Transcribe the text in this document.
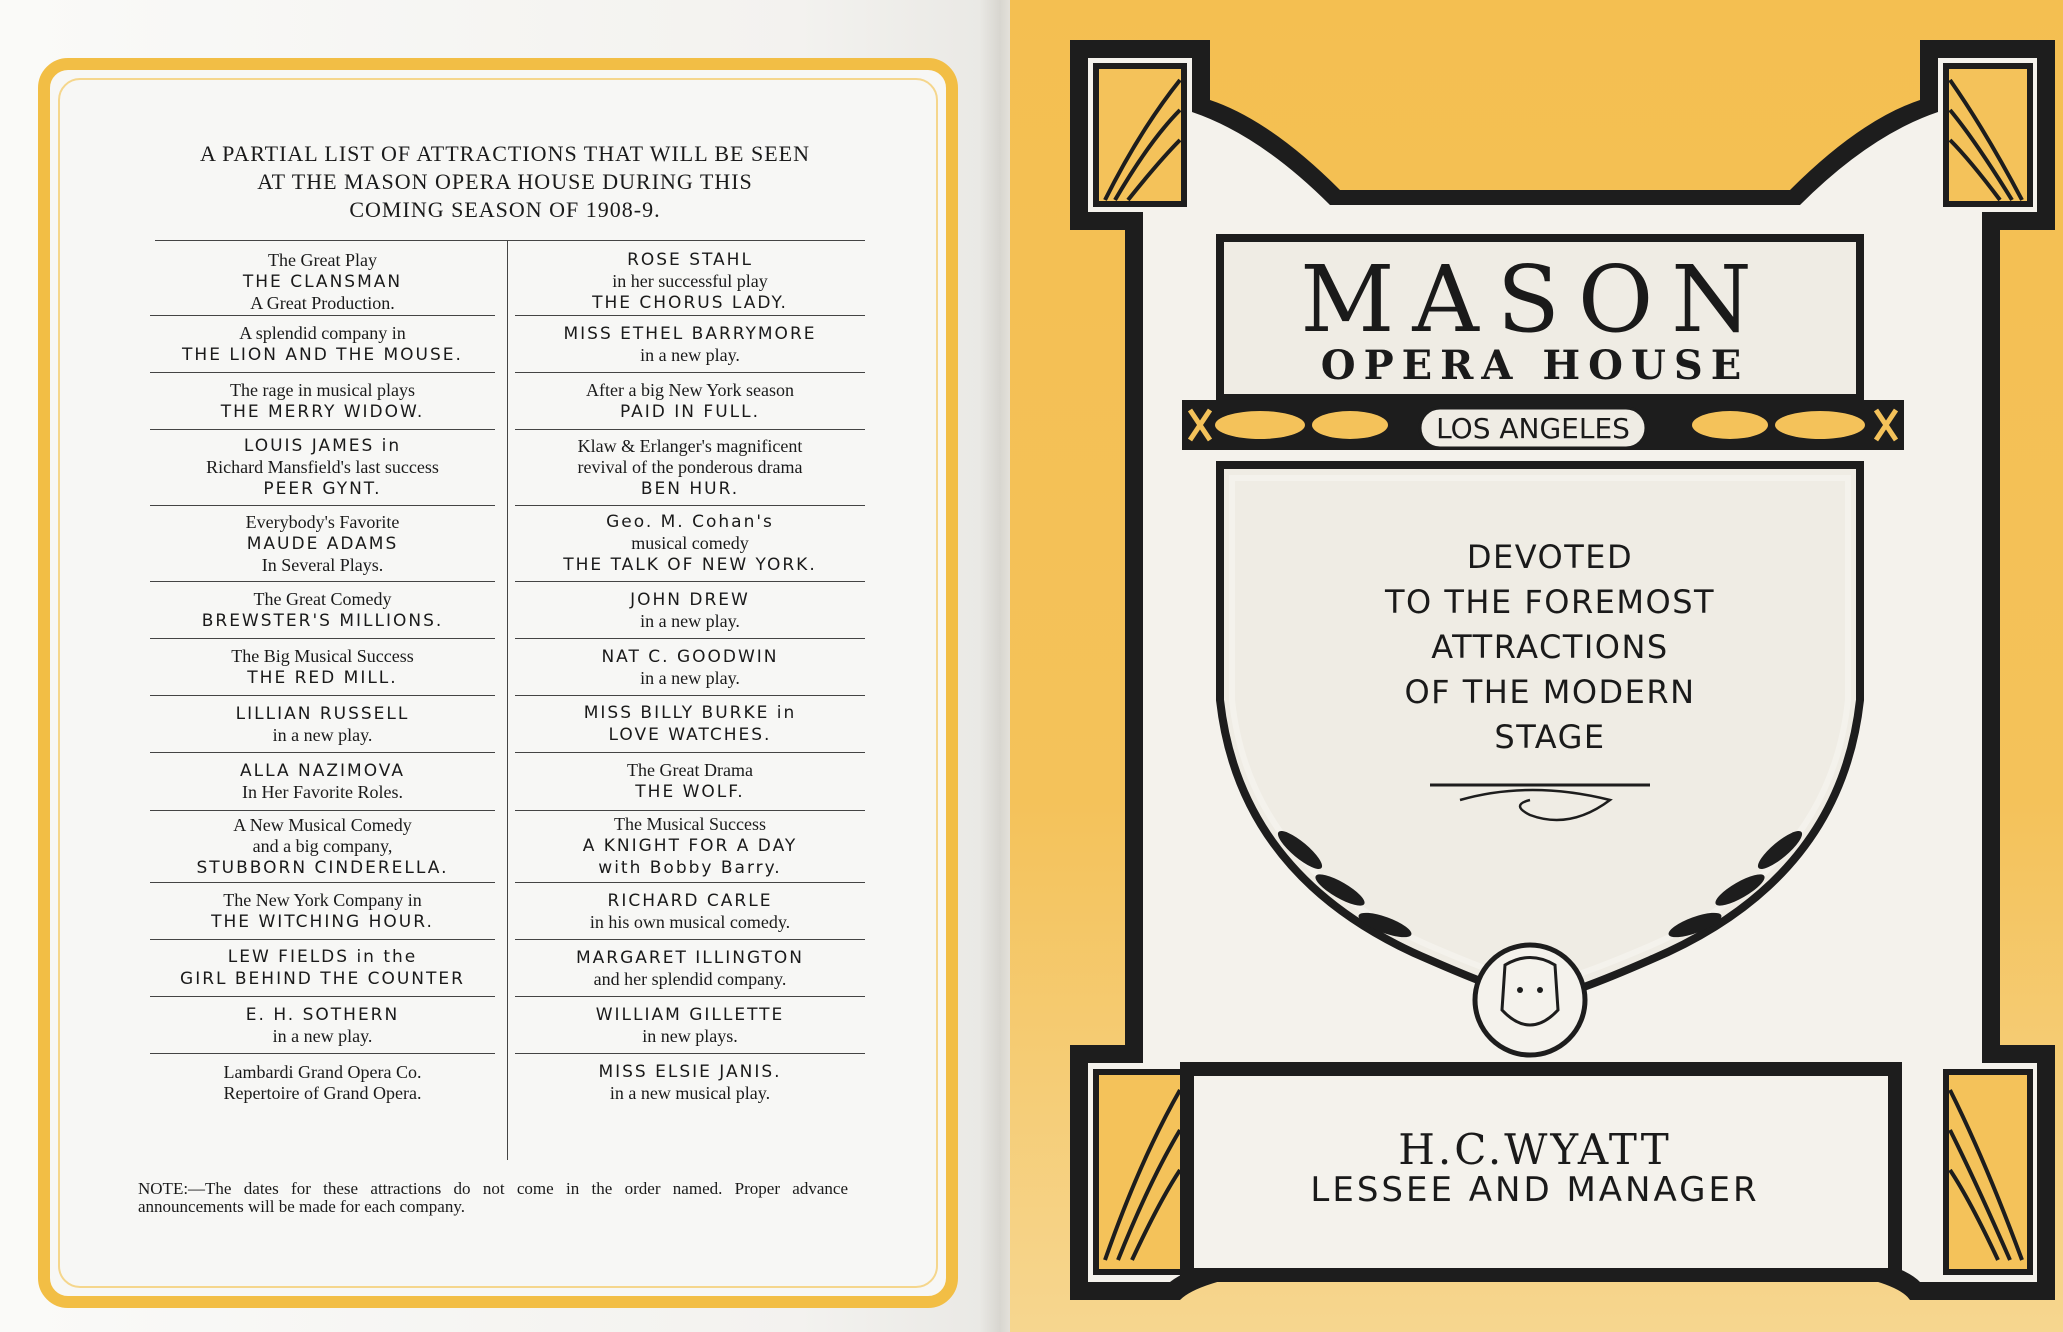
A PARTIAL LIST OF ATTRACTIONS THAT WILL BE SEEN
AT THE MASON OPERA HOUSE DURING THIS
COMING SEASON OF 1908-9.
The Great Play
THE CLANSMAN
A Great Production.
A splendid company in
THE LION AND THE MOUSE.
The rage in musical plays
THE MERRY WIDOW.
LOUIS JAMES in
Richard Mansfield's last success
PEER GYNT.
Everybody's Favorite
MAUDE ADAMS
In Several Plays.
The Great Comedy
BREWSTER'S MILLIONS.
The Big Musical Success
THE RED MILL.
LILLIAN RUSSELL
in a new play.
ALLA NAZIMOVA
In Her Favorite Roles.
A New Musical Comedy
and a big company,
STUBBORN CINDERELLA.
The New York Company in
THE WITCHING HOUR.
LEW FIELDS in the
GIRL BEHIND THE COUNTER
E. H. SOTHERN
in a new play.
Lambardi Grand Opera Co.
Repertoire of Grand Opera.
ROSE STAHL
in her successful play
THE CHORUS LADY.
MISS ETHEL BARRYMORE
in a new play.
After a big New York season
PAID IN FULL.
Klaw & Erlanger's magnificent
revival of the ponderous drama
BEN HUR.
Geo. M. Cohan's
musical comedy
THE TALK OF NEW YORK.
JOHN DREW
in a new play.
NAT C. GOODWIN
in a new play.
MISS BILLY BURKE in
LOVE WATCHES.
The Great Drama
THE WOLF.
The Musical Success
A KNIGHT FOR A DAY
with Bobby Barry.
RICHARD CARLE
in his own musical comedy.
MARGARET ILLINGTON
and her splendid company.
WILLIAM GILLETTE
in new plays.
MISS ELSIE JANIS.
in a new musical play.
NOTE:—The dates for these attractions do not come in the order named. Proper advance announcements will be made for each company.
MASON
OPERA HOUSE
LOS ANGELES
DEVOTED
TO THE FOREMOST
ATTRACTIONS
OF THE MODERN
STAGE
H.C.WYATT
LESSEE AND MANAGER
